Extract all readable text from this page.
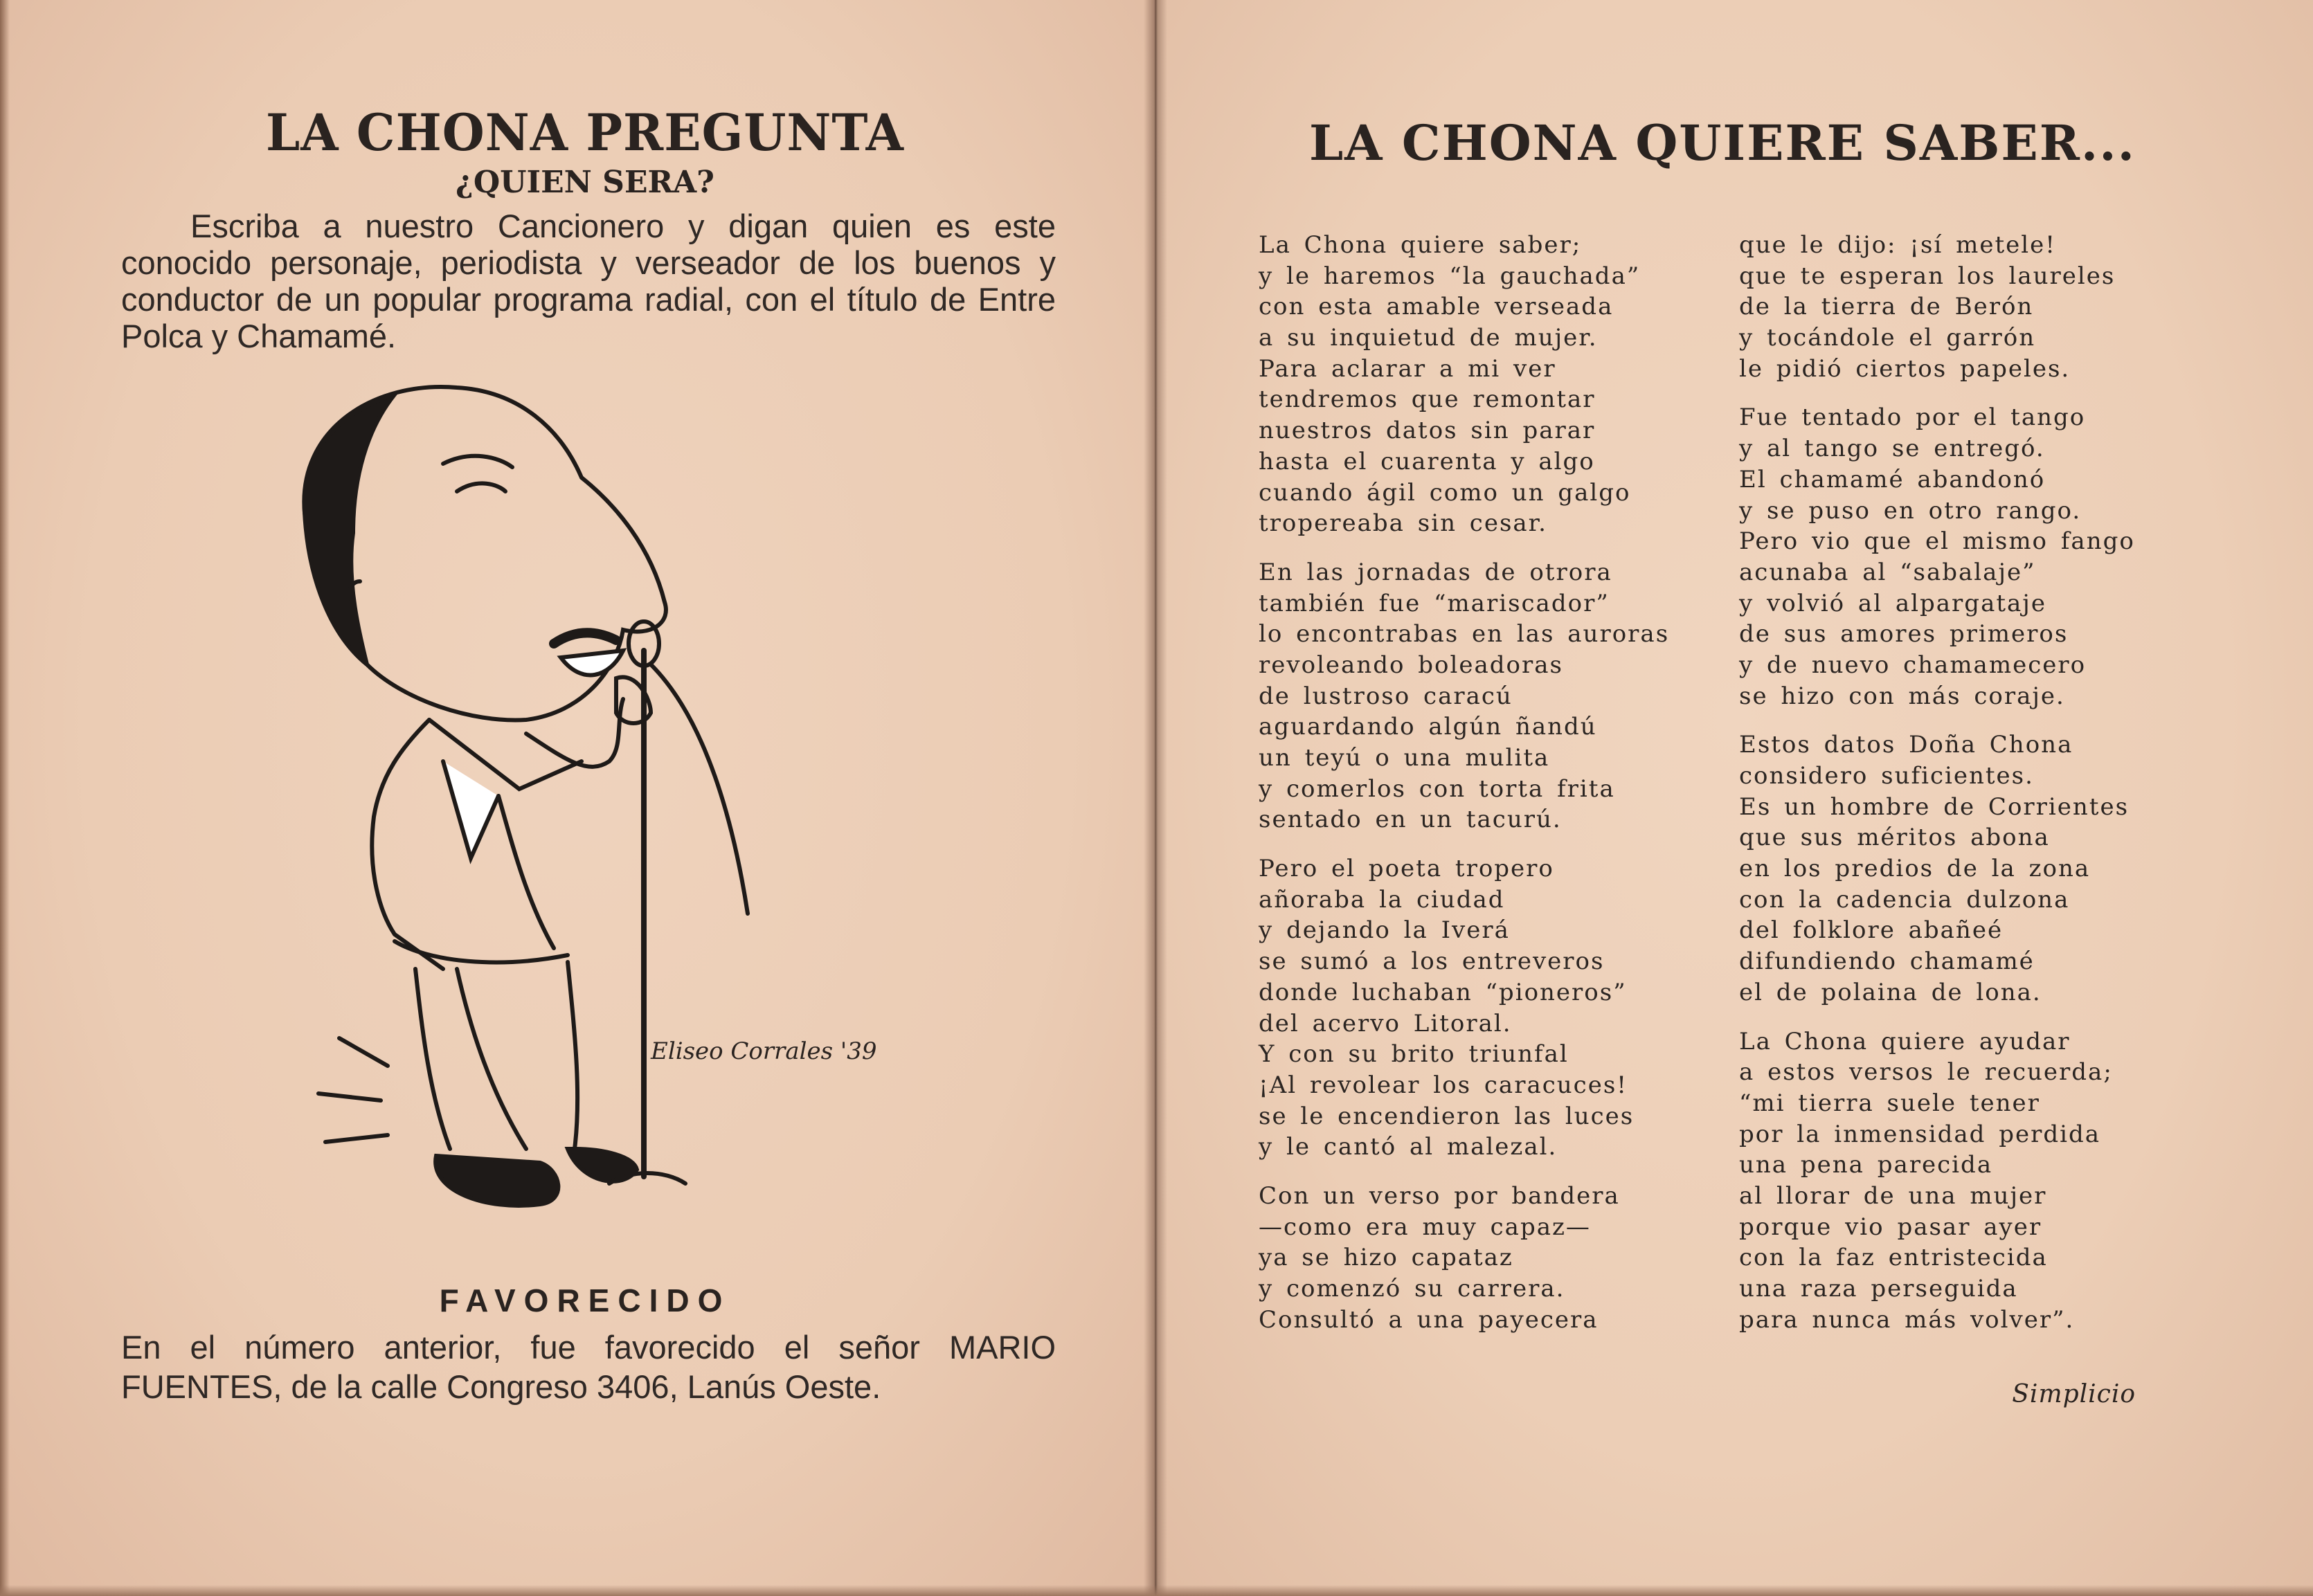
LA CHONA PREGUNTA
¿QUIEN SERA?
Escriba a nuestro Cancionero y digan quien es este conocido personaje, periodista y verseador de los buenos y conductor de un popular programa radial, con el título de Entre Polca y Chamamé.
Eliseo Corrales '39
FAVORECIDO
En el número anterior, fue favorecido el señor MARIO FUENTES, de la calle Congreso 3406, Lanús Oeste.
LA CHONA QUIERE SABER...
La Chona quiere saber;
y le haremos “la gauchada”
con esta amable verseada
a su inquietud de mujer.
Para aclarar a mi ver
tendremos que remontar
nuestros datos sin parar
hasta el cuarenta y algo
cuando ágil como un galgo
tropereaba sin cesar.
En las jornadas de otrora
también fue “mariscador”
lo encontrabas en las auroras
revoleando boleadoras
de lustroso caracú
aguardando algún ñandú
un teyú o una mulita
y comerlos con torta frita
sentado en un tacurú.
Pero el poeta tropero
añoraba la ciudad
y dejando la Iverá
se sumó a los entreveros
donde luchaban “pioneros”
del acervo Litoral.
Y con su brito triunfal
¡Al revolear los caracuces!
se le encendieron las luces
y le cantó al malezal.
Con un verso por bandera
—como era muy capaz—
ya se hizo capataz
y comenzó su carrera.
Consultó a una payecera
que le dijo: ¡sí metele!
que te esperan los laureles
de la tierra de Berón
y tocándole el garrón
le pidió ciertos papeles.
Fue tentado por el tango
y al tango se entregó.
El chamamé abandonó
y se puso en otro rango.
Pero vio que el mismo fango
acunaba al “sabalaje”
y volvió al alpargataje
de sus amores primeros
y de nuevo chamamecero
se hizo con más coraje.
Estos datos Doña Chona
considero suficientes.
Es un hombre de Corrientes
que sus méritos abona
en los predios de la zona
con la cadencia dulzona
del folklore abañeé
difundiendo chamamé
el de polaina de lona.
La Chona quiere ayudar
a estos versos le recuerda;
“mi tierra suele tener
por la inmensidad perdida
una pena parecida
al llorar de una mujer
porque vio pasar ayer
con la faz entristecida
una raza perseguida
para nunca más volver”.
Simplicio
